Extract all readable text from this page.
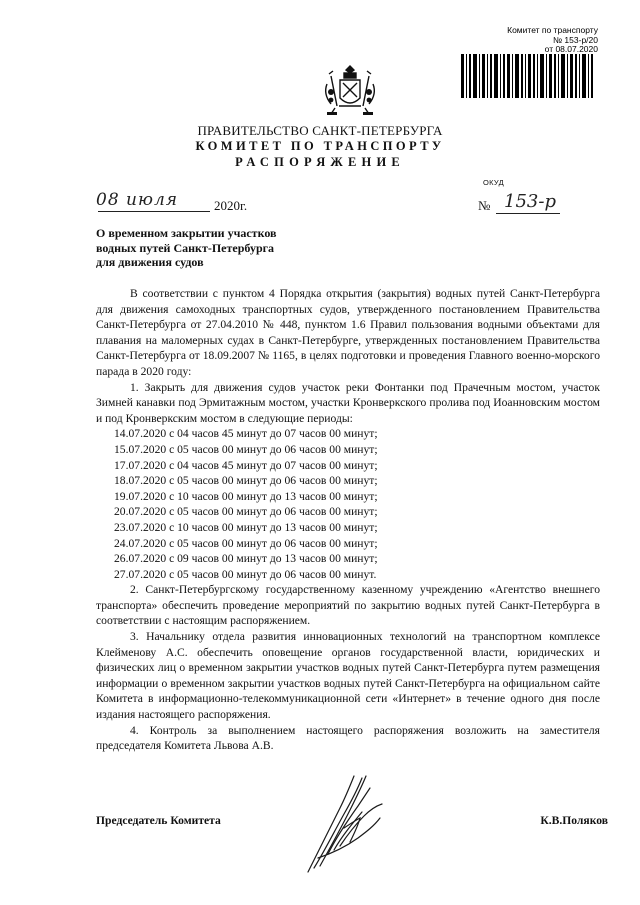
Комитет по транспорту
№ 153-р/20
от 08.07.2020
ПРАВИТЕЛЬСТВО САНКТ-ПЕТЕРБУРГА
КОМИТЕТ ПО ТРАНСПОРТУ
РАСПОРЯЖЕНИЕ
08 июля	2020г.
ОКУД
№ 153-р
О временном закрытии участков
водных путей Санкт-Петербурга
для движения судов

В соответствии с пунктом 4 Порядка открытия (закрытия) водных путей Санкт-Петербурга для движения самоходных транспортных судов, утвержденного постановлением Правительства Санкт-Петербурга от 27.04.2010 № 448, пунктом 1.6 Правил пользования водными объектами для плавания на маломерных судах в Санкт-Петербурге, утвержденных постановлением Правительства Санкт-Петербурга от 18.09.2007 № 1165, в целях подготовки и проведения Главного военно-морского парада в 2020 году:

1. Закрыть для движения судов участок реки Фонтанки под Прачечным мостом, участок Зимней канавки под Эрмитажным мостом, участки Кронверкского пролива под Иоанновским мостом и под Кронверкским мостом в следующие периоды:

14.07.2020 с 04 часов 45 минут до 07 часов 00 минут;
15.07.2020 с 05 часов 00 минут до 06 часов 00 минут;
17.07.2020 с 04 часов 45 минут до 07 часов 00 минут;
18.07.2020 с 05 часов 00 минут до 06 часов 00 минут;
19.07.2020 с 10 часов 00 минут до 13 часов 00 минут;
20.07.2020 с 05 часов 00 минут до 06 часов 00 минут;
23.07.2020 с 10 часов 00 минут до 13 часов 00 минут;
24.07.2020 с 05 часов 00 минут до 06 часов 00 минут;
26.07.2020 с 09 часов 00 минут до 13 часов 00 минут;
27.07.2020 с 05 часов 00 минут до 06 часов 00 минут.

2. Санкт-Петербургскому государственному казенному учреждению «Агентство внешнего транспорта» обеспечить проведение мероприятий по закрытию водных путей Санкт-Петербурга в соответствии с настоящим распоряжением.

3. Начальнику отдела развития инновационных технологий на транспортном комплексе Клейменову А.С. обеспечить оповещение органов государственной власти, юридических и физических лиц о временном закрытии участков водных путей Санкт-Петербурга путем размещения информации о временном закрытии участков водных путей Санкт-Петербурга на официальном сайте Комитета в информационно-телекоммуникационной сети «Интернет» в течение одного дня после издания настоящего распоряжения.

4. Контроль за выполнением настоящего распоряжения возложить на заместителя председателя Комитета Львова А.В.

Председатель Комитета	К.В.Поляков
